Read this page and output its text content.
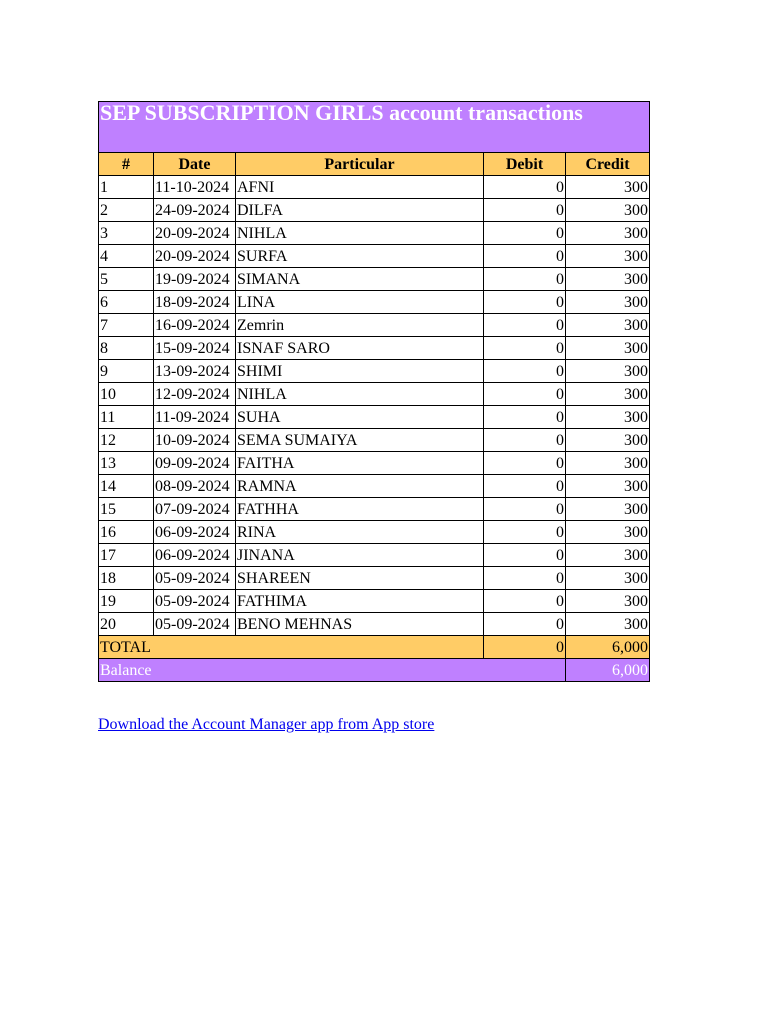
SEP SUBSCRIPTION GIRLS account transactions				
#	Date	Particular	Debit	Credit
1	11-10-2024	AFNI	0	300
2	24-09-2024	DILFA	0	300
3	20-09-2024	NIHLA	0	300
4	20-09-2024	SURFA	0	300
5	19-09-2024	SIMANA	0	300
6	18-09-2024	LINA	0	300
7	16-09-2024	Zemrin	0	300
8	15-09-2024	ISNAF SARO	0	300
9	13-09-2024	SHIMI	0	300
10	12-09-2024	NIHLA	0	300
11	11-09-2024	SUHA	0	300
12	10-09-2024	SEMA SUMAIYA	0	300
13	09-09-2024	FAITHA	0	300
14	08-09-2024	RAMNA	0	300
15	07-09-2024	FATHHA	0	300
16	06-09-2024	RINA	0	300
17	06-09-2024	JINANA	0	300
18	05-09-2024	SHAREEN	0	300
19	05-09-2024	FATHIMA	0	300
20	05-09-2024	BENO MEHNAS	0	300
TOTAL			0	6,000
Balance				6,000
Download the Account Manager app from App store
